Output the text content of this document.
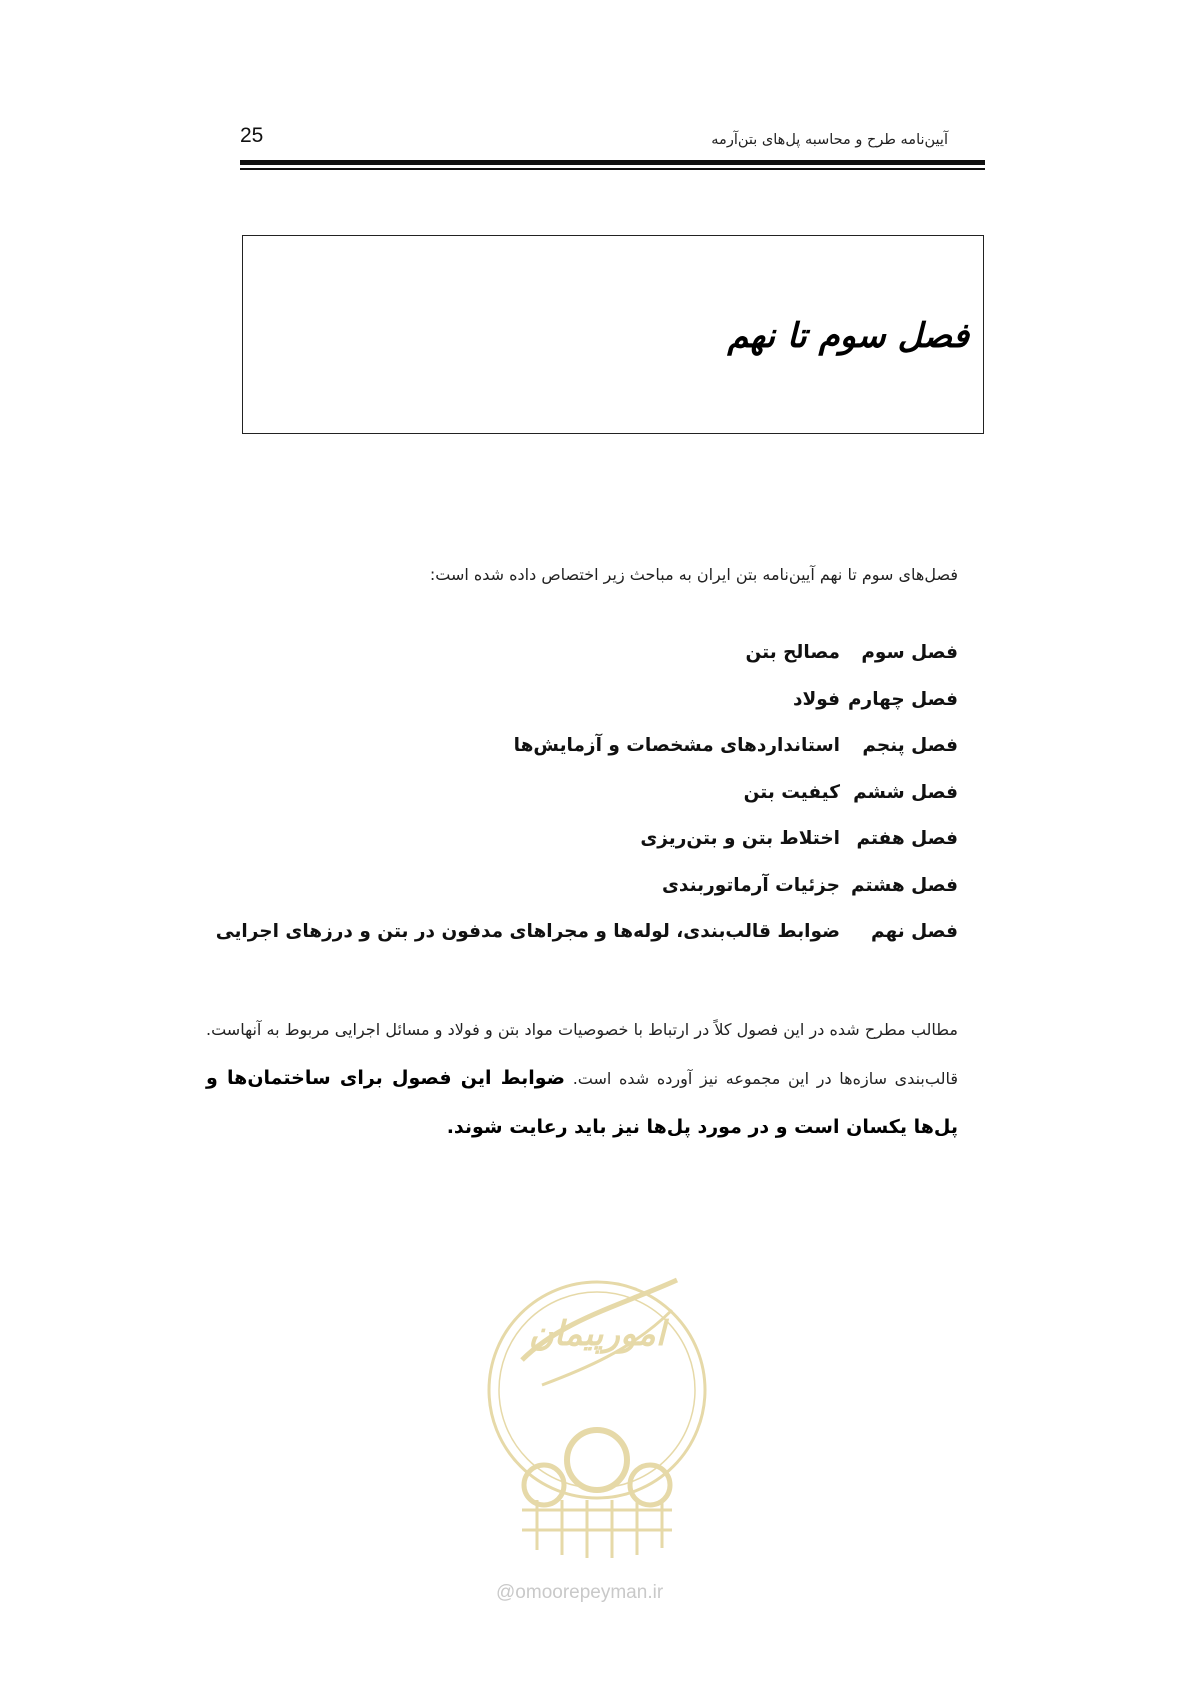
25	آیین‌نامه طرح و محاسبه پل‌های بتن‌آرمه
فصل سوم تا نهم
فصل‌های سوم تا نهم آیین‌نامه بتن ایران به مباحث زیر اختصاص داده شده است:
فصل سوم
مصالح بتن
فصل چهارم
فولاد
فصل پنجم
استانداردهای مشخصات و آزمایش‌ها
فصل ششم
کیفیت بتن
فصل هفتم
اختلاط بتن و بتن‌ریزی
فصل هشتم
جزئیات آرماتوربندی
فصل نهم
ضوابط قالب‌بندی، لوله‌ها و مجراهای مدفون در بتن و درزهای اجرایی
مطالب مطرح شده در این فصول کلاً در ارتباط با خصوصیات مواد بتن و فولاد و مسائل اجرایی مربوط به آنهاست. قالب‌بندی سازه‌ها در این مجموعه نیز آورده شده است. ضوابط این فصول برای ساختمان‌ها و پل‌ها یکسان است و در مورد پل‌ها نیز باید رعایت شوند.
امورپیمان
@omoorepeyman.ir
